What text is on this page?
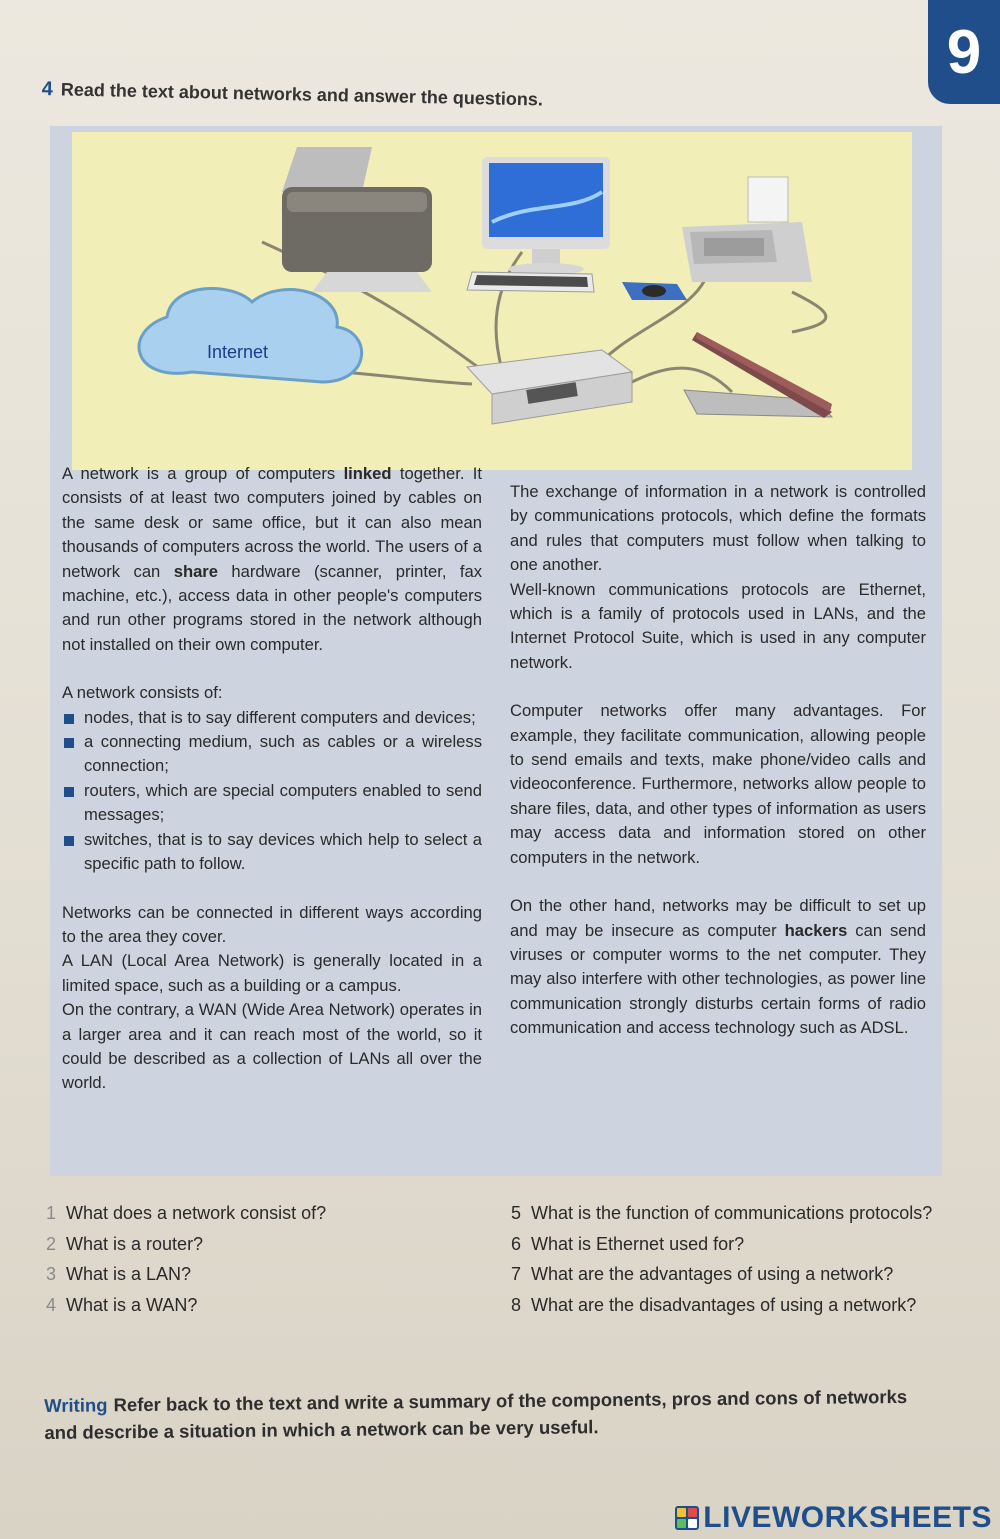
9
4 Read the text about networks and answer the questions.
Internet

A network is a group of computers linked together. It consists of at least two computers joined by cables on the same desk or same office, but it can also mean thousands of computers across the world. The users of a network can share hardware (scanner, printer, fax machine, etc.), access data in other people's computers and run other programs stored in the network although not installed on their own computer.

A network consists of:

nodes, that is to say different computers and devices;
a connecting medium, such as cables or a wireless connection;
routers, which are special computers enabled to send messages;
switches, that is to say devices which help to select a specific path to follow.

Networks can be connected in different ways according to the area they cover.

A LAN (Local Area Network) is generally located in a limited space, such as a building or a campus.

On the contrary, a WAN (Wide Area Network) operates in a larger area and it can reach most of the world, so it could be described as a collection of LANs all over the world.

The exchange of information in a network is controlled by communications protocols, which define the formats and rules that computers must follow when talking to one another.

Well-known communications protocols are Ethernet, which is a family of protocols used in LANs, and the Internet Protocol Suite, which is used in any computer network.

Computer networks offer many advantages. For example, they facilitate communication, allowing people to send emails and texts, make phone/video calls and videoconference. Furthermore, networks allow people to share files, data, and other types of information as users may access data and information stored on other computers in the network.

On the other hand, networks may be difficult to set up and may be insecure as computer hackers can send viruses or computer worms to the net computer. They may also interfere with other technologies, as power line communication strongly disturbs certain forms of radio communication and access technology such as ADSL.

1 What does a network consist of?
2 What is a router?
3 What is a LAN?
4 What is a WAN?
5 What is the function of communications protocols?
6 What is Ethernet used for?
7 What are the advantages of using a network?
8 What are the disadvantages of using a network?
Writing Refer back to the text and write a summary of the components, pros and cons of networks and describe a situation in which a network can be very useful.
LIVEWORKSHEETS
